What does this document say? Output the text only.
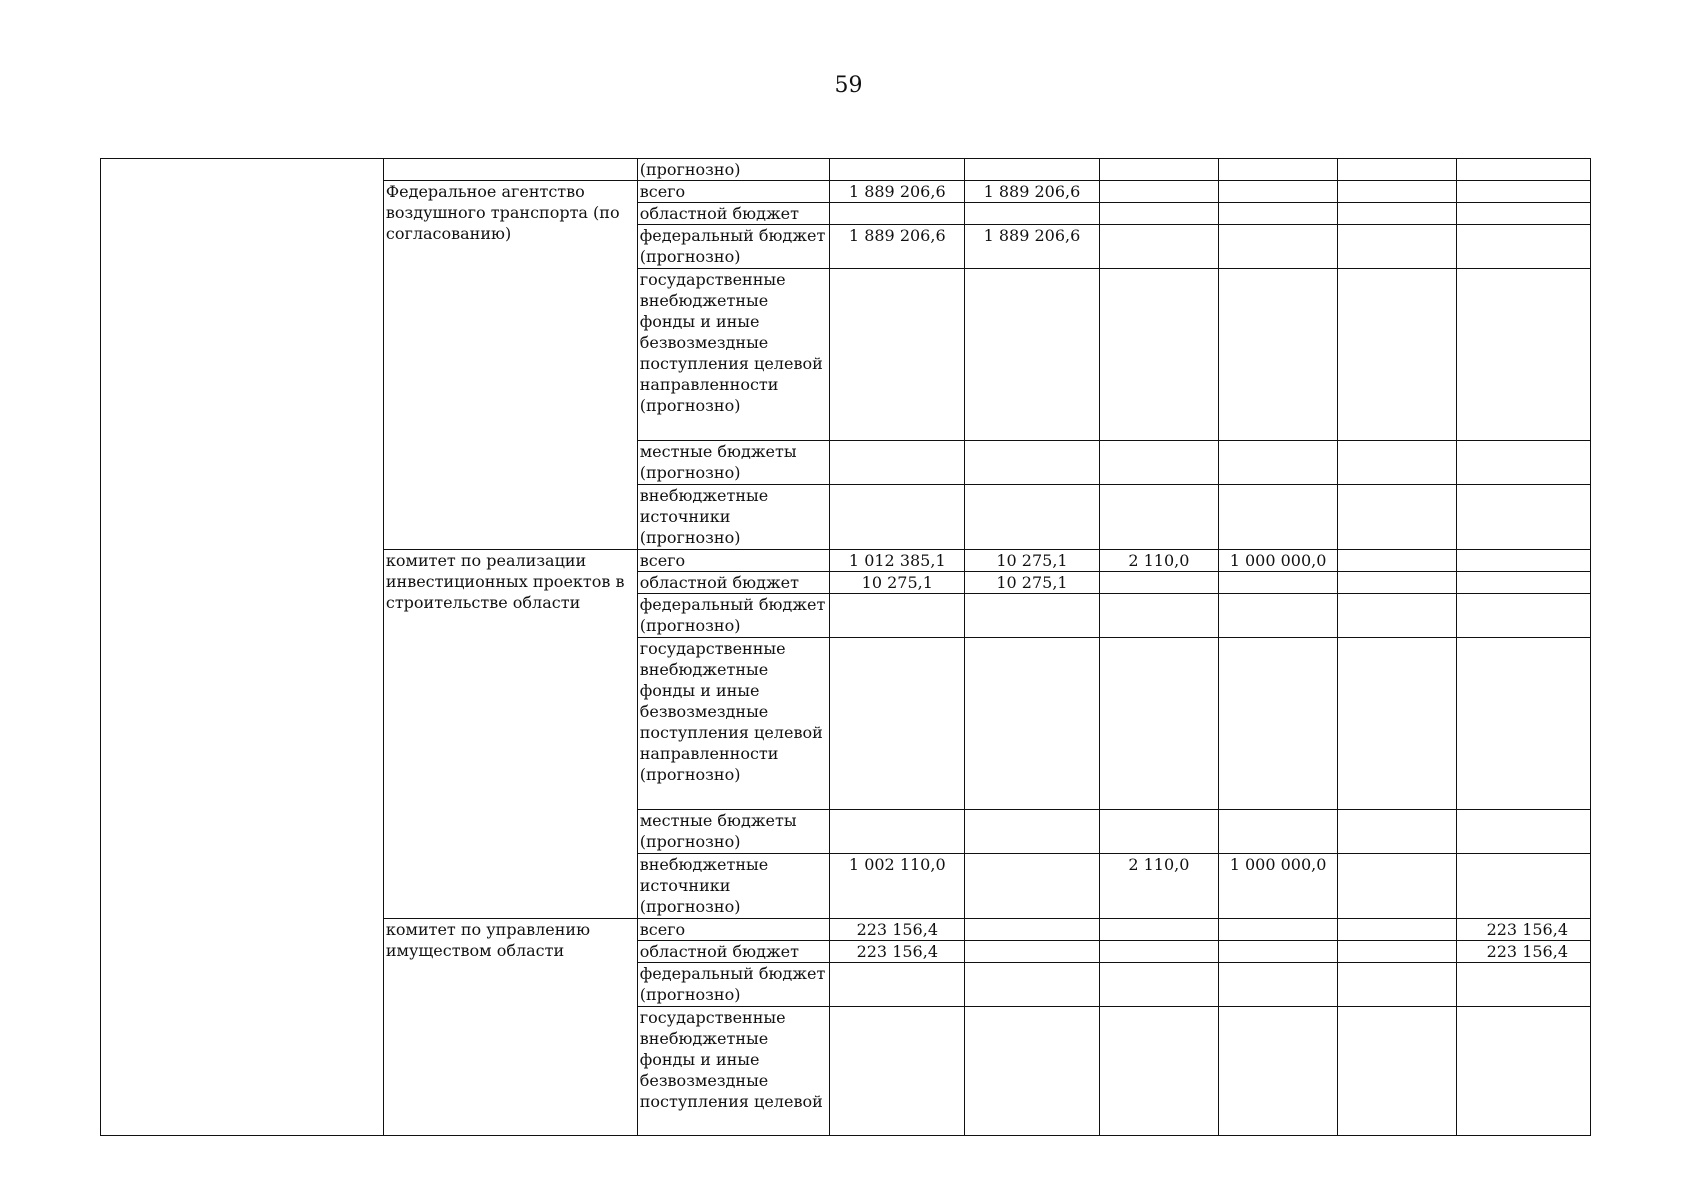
59
		(прогнозно)						
	Федеральное агентство воздушного транспорта (по согласованию)	всего	1 889 206,6	1 889 206,6				
		областной бюджет						
		федеральный бюджет (прогнозно)	1 889 206,6	1 889 206,6				
		государственные внебюджетные фонды и иные безвозмездные поступления целевой направленности (прогнозно)						
		местные бюджеты (прогнозно)						
		внебюджетные источники (прогнозно)						
	комитет по реализации инвестиционных проектов в строительстве области	всего	1 012 385,1	10 275,1	2 110,0	1 000 000,0		
		областной бюджет	10 275,1	10 275,1				
		федеральный бюджет (прогнозно)						
		государственные внебюджетные фонды и иные безвозмездные поступления целевой направленности (прогнозно)						
		местные бюджеты (прогнозно)						
		внебюджетные источники (прогнозно)	1 002 110,0		2 110,0	1 000 000,0		
	комитет по управлению имуществом области	всего	223 156,4					223 156,4
		областной бюджет	223 156,4					223 156,4
		федеральный бюджет (прогнозно)						
		государственные внебюджетные фонды и иные безвозмездные поступления целевой						
